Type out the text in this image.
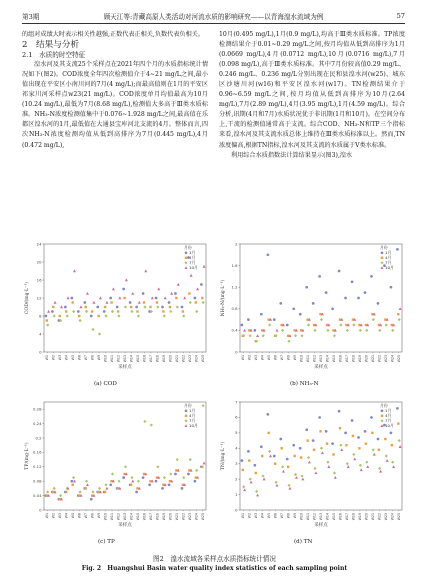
第3期	顾天江等:青藏高原人类活动对河流水质的影响研究——以青海湟水流域为例	57

的组对成绩大时表示相关性越强,正数代表正相关,负数代表负相关。

2　结果与分析

2.1　水质的时空特征

湟水河及其支流25个采样点在2021年四个月的水质指标统计情况如下(图2)。COD浓度全年四次检测值介于4~21 mg/L之间,最小值出现在平安区小南川河的7月(4 mg/L);而最高值则在1月的平安区祁家川河采样点w23(21 mg/L)。COD浓度单月均值最高为10月(10.24 mg/L),最低为7月(8.68 mg/L),检测值大多高于Ⅲ类水质标准。NH₃-N浓度检测值集中于0.076~1.928 mg/L之间,最高值在乐都区湟水河的1月,最低值在大通县宝库河北支流的4月。整体而言,四次NH₃-N浓度检测均值从低到高排序为7月(0.445 mg/L),4月(0.472 mg/L),

10月(0.495 mg/L),1月(0.9 mg/L),均高于Ⅲ类水质标准。TP浓度检测结果介于0.01~0.29 mg/L之间,按月均值从低到高排序为1月(0.0669 mg/L),4月(0.0712 mg/L),10月(0.0716 mg/L),7月(0.098 mg/L),高于Ⅲ类水质标准。其中7月份较高值0.29 mg/L、0.246 mg/L、0.236 mg/L分别出现在民和县湟水河(w25)、城东区沙塘川河(w16)和平安区湟水河(w17)。TN检测结果介于0.96~6.59 mg/L之间,按月均值从低到高排序为10月(2.64 mg/L),7月(2.89 mg/L),4月(3.95 mg/L),1月(4.59 mg/L)。综合分析,讯期(4月和7月)水质状况优于非讯期(1月和10月)。在空间分布上,干流的检测值通常高于支流。综合COD、NH₃-N和TP三个指标来看,湟水河及其支流水质总体上维持在Ⅲ类水质标准以上。然而,TN浓度偏高,根据TN指标,湟水河及其支流的水质属于Ⅴ类水标准。

利用综合水质指数法计算结果显示(图3),湟水

0
4
8
12
16
20
24
COD/(mg·L⁻¹)
W1 W2 W3 W4 W5 W6 W7 W8 W9 W10 W11 W12 W13 W14 W15 W16 W17 W18 W19 W20 W21 W22 W23 W24 W25
采样点
月份
1月
4月
7月
10月
0
0.4
0.8
1.2
1.6
2
NH₃-N/(mg·L⁻¹)
W1 W2 W3 W4 W5 W6 W7 W8 W9 W10 W11 W12 W13 W14 W15 W16 W17 W18 W19 W20 W21 W22 W23 W24 W25
采样点
月份
1月
4月
7月
10月
0
0.04
0.08
0.12
0.16
0.2
0.24
0.28
TP/(mg·L⁻¹)
W1 W2 W3 W4 W5 W6 W7 W8 W9 W10 W11 W12 W13 W14 W15 W16 W17 W18 W19 W20 W21 W22 W23 W24 W25
采样点
月份
1月
4月
7月
10月
0
1
2
3
4
5
6
7
TN/(mg·L⁻¹)
W1 W2 W3 W4 W5 W6 W7 W8 W9 W10 W11 W12 W13 W14 W15 W16 W17 W18 W19 W20 W21 W22 W23 W24 W25
采样点
月份
1月
4月
7月
10月
(a) COD	(b) NH₃-N
(c) TP	(d) TN
图2　湟水流域各采样点水质指标统计情况
Fig. 2　Huangshui Basin water quality index statistics of each sampling point
